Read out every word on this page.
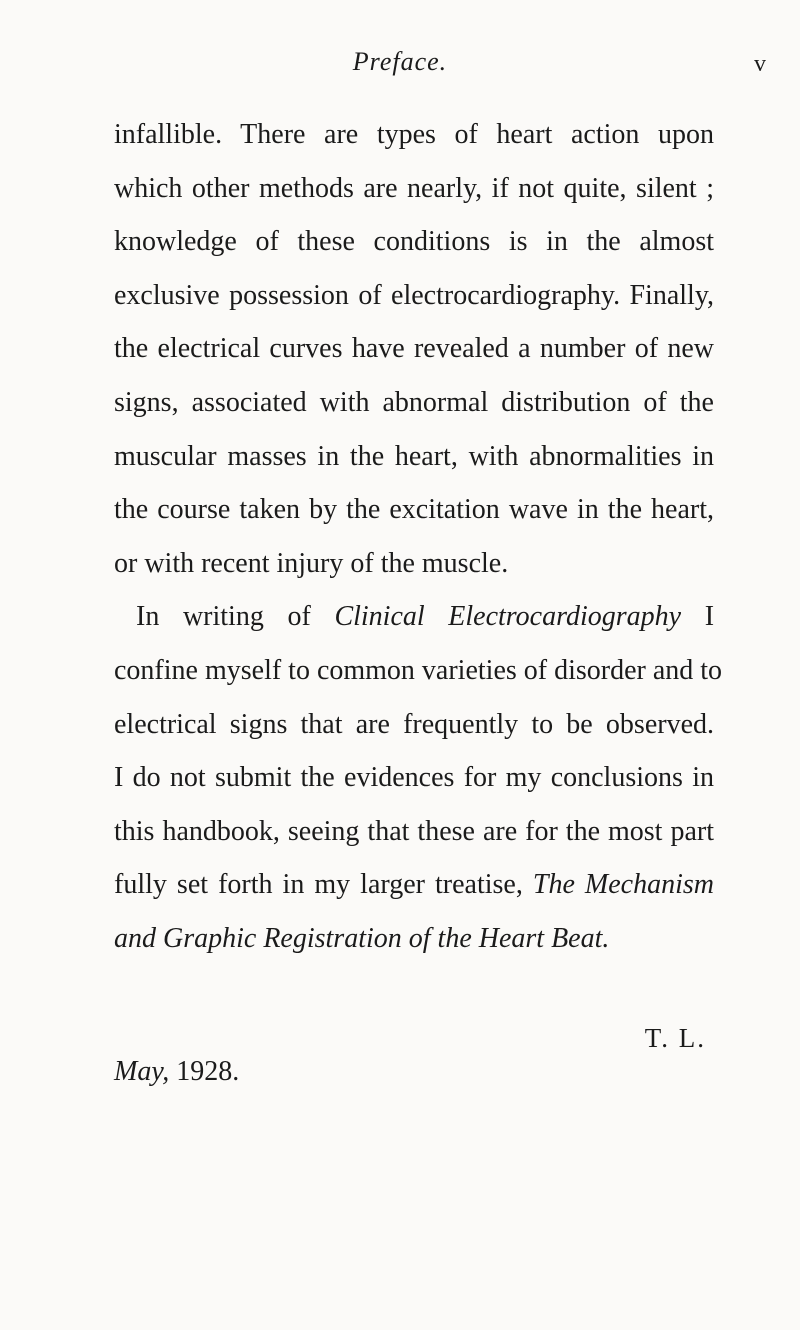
Preface.	v
infallible. There are types of heart action upon
which other methods are nearly, if not quite, silent ;
knowledge of these conditions is in the almost
exclusive possession of electrocardiography. Finally,
the electrical curves have revealed a number of new
signs, associated with abnormal distribution of the
muscular masses in the heart, with abnormalities in
the course taken by the excitation wave in the heart,
or with recent injury of the muscle.
In writing of Clinical Electrocardiography I
confine myself to common varieties of disorder and to
electrical signs that are frequently to be observed.
I do not submit the evidences for my conclusions in
this handbook, seeing that these are for the most part
fully set forth in my larger treatise, The Mechanism
and Graphic Registration of the Heart Beat.
T. L.
May, 1928.
